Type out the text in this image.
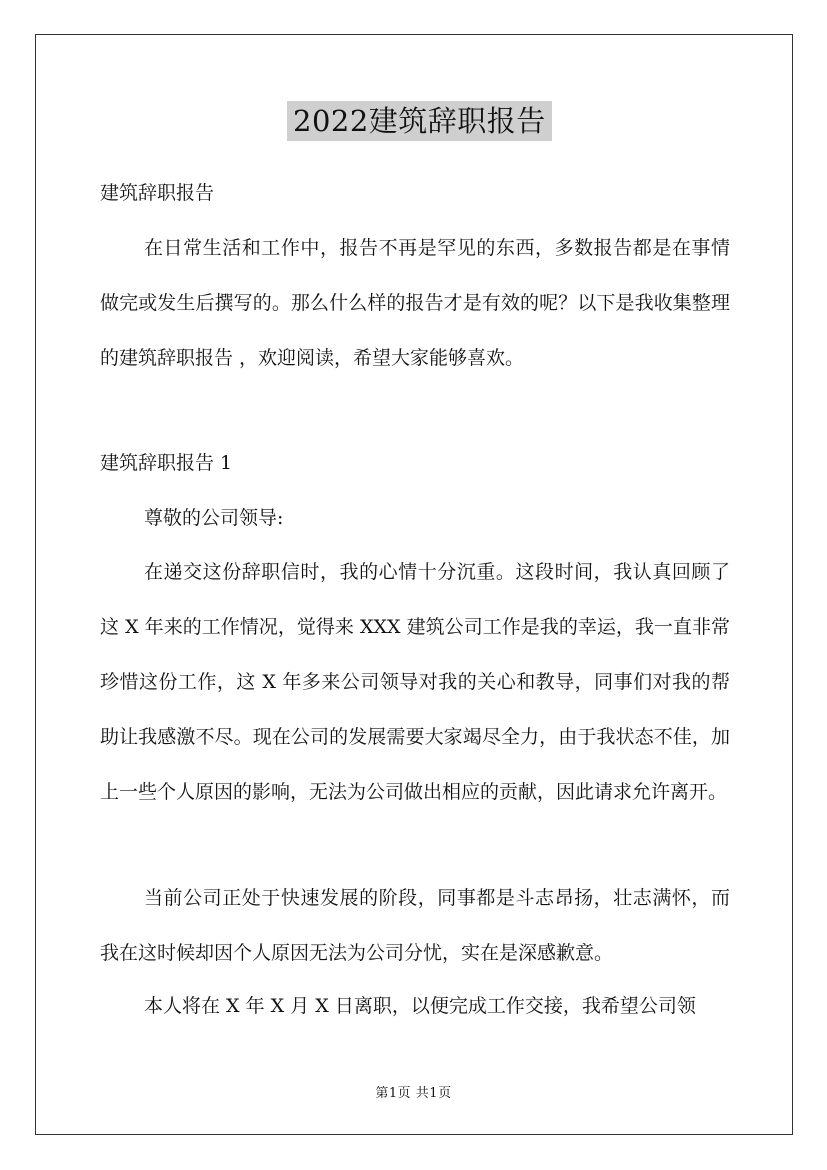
2022建筑辞职报告

建筑辞职报告

在日常生活和工作中，报告不再是罕见的东西，多数报告都是在事情做完或发生后撰写的。那么什么样的报告才是有效的呢？以下是我收集整理的建筑辞职报告 ，欢迎阅读，希望大家能够喜欢。

建筑辞职报告 1

尊敬的公司领导:

在递交这份辞职信时，我的心情十分沉重。这段时间，我认真回顾了这 X 年来的工作情况，觉得来 XXX 建筑公司工作是我的幸运，我一直非常珍惜这份工作，这 X 年多来公司领导对我的关心和教导，同事们对我的帮助让我感激不尽。现在公司的发展需要大家竭尽全力，由于我状态不佳，加上一些个人原因的影响，无法为公司做出相应的贡献，因此请求允许离开。

当前公司正处于快速发展的阶段，同事都是斗志昂扬，壮志满怀，而我在这时候却因个人原因无法为公司分忧，实在是深感歉意。

本人将在 X 年 X 月 X 日离职，以便完成工作交接，我希望公司领

第1页 共1页
